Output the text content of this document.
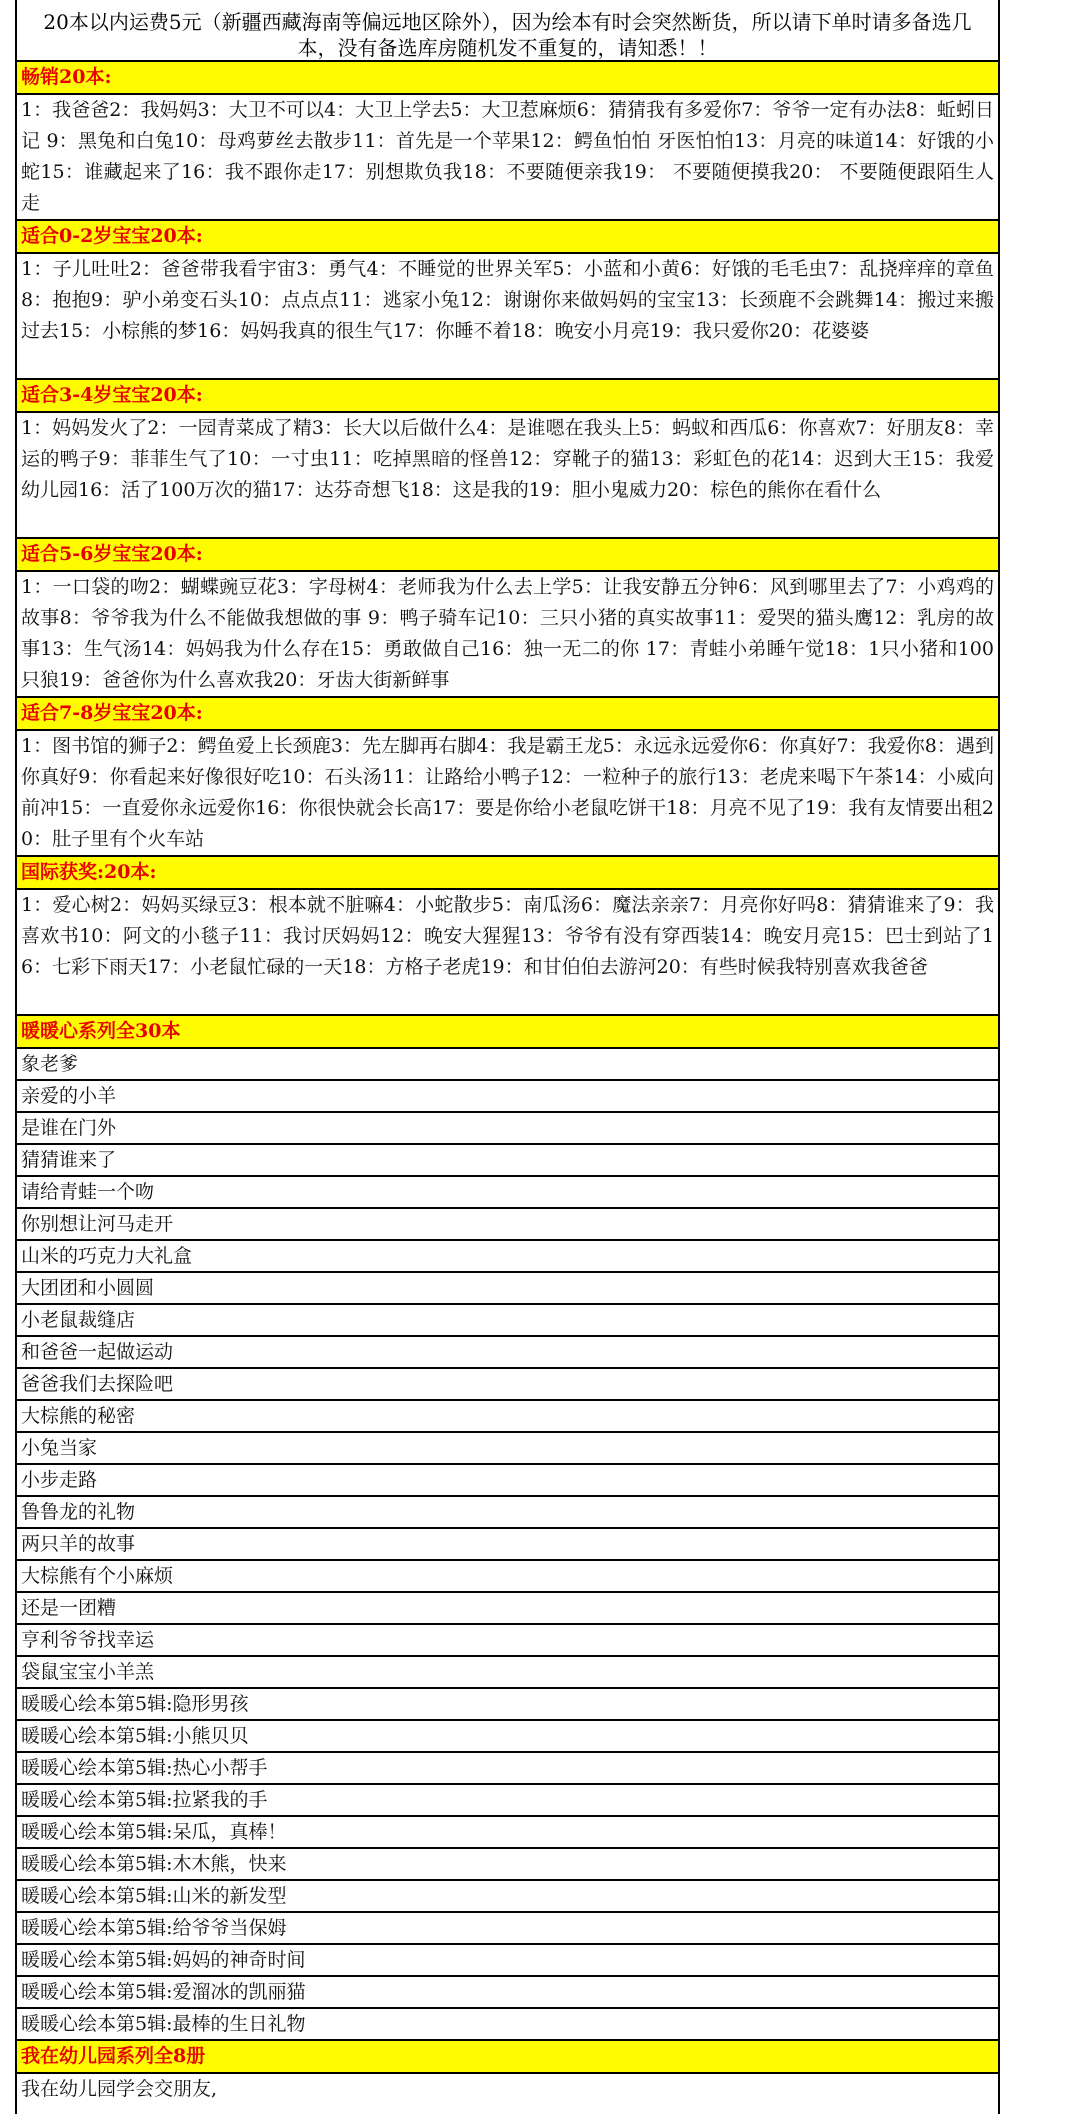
20本以内运费5元（新疆西藏海南等偏远地区除外），因为绘本有时会突然断货，所以请下单时请多备选几
本，没有备选库房随机发不重复的，请知悉！！
畅销20本:
1：我爸爸2：我妈妈3：大卫不可以4：大卫上学去5：大卫惹麻烦6：猜猜我有多爱你7：爷爷一定有办法8：蚯蚓日记 9：黑兔和白兔10：母鸡萝丝去散步11：首先是一个苹果12：鳄鱼怕怕 牙医怕怕13：月亮的味道14：好饿的小蛇15：谁藏起来了16：我不跟你走17：别想欺负我18：不要随便亲我19： 不要随便摸我20： 不要随便跟陌生人走
适合0-2岁宝宝20本:
1：子儿吐吐2：爸爸带我看宇宙3：勇气4：不睡觉的世界关军5：小蓝和小黄6：好饿的毛毛虫7：乱挠痒痒的章鱼8：抱抱9：驴小弟变石头10：点点点11：逃家小兔12：谢谢你来做妈妈的宝宝13：长颈鹿不会跳舞14：搬过来搬过去15：小棕熊的梦16：妈妈我真的很生气17：你睡不着18：晚安小月亮19：我只爱你20：花婆婆
适合3-4岁宝宝20本:
1：妈妈发火了2：一园青菜成了精3：长大以后做什么4：是谁嗯在我头上5：蚂蚁和西瓜6：你喜欢7：好朋友8：幸运的鸭子9：菲菲生气了10：一寸虫11：吃掉黑暗的怪兽12：穿靴子的猫13：彩虹色的花14：迟到大王15：我爱幼儿园16：活了100万次的猫17：达芬奇想飞18：这是我的19：胆小鬼威力20：棕色的熊你在看什么
适合5-6岁宝宝20本:
1：一口袋的吻2：蝴蝶豌豆花3：字母树4：老师我为什么去上学5：让我安静五分钟6：风到哪里去了7：小鸡鸡的故事8：爷爷我为什么不能做我想做的事 9：鸭子骑车记10：三只小猪的真实故事11：爱哭的猫头鹰12：乳房的故事13：生气汤14：妈妈我为什么存在15：勇敢做自己16：独一无二的你 17：青蛙小弟睡午觉18：1只小猪和100只狼19：爸爸你为什么喜欢我20：牙齿大街新鲜事
适合7-8岁宝宝20本:
1：图书馆的狮子2：鳄鱼爱上长颈鹿3：先左脚再右脚4：我是霸王龙5：永远永远爱你6：你真好7：我爱你8：遇到你真好9：你看起来好像很好吃10：石头汤11：让路给小鸭子12：一粒种子的旅行13：老虎来喝下午茶14：小威向前冲15：一直爱你永远爱你16：你很快就会长高17：要是你给小老鼠吃饼干18：月亮不见了19：我有友情要出租20：肚子里有个火车站
国际获奖:20本:
1：爱心树2：妈妈买绿豆3：根本就不脏嘛4：小蛇散步5：南瓜汤6：魔法亲亲7：月亮你好吗8：猜猜谁来了9：我喜欢书10：阿文的小毯子11：我讨厌妈妈12：晚安大猩猩13：爷爷有没有穿西装14：晚安月亮15：巴士到站了16：七彩下雨天17：小老鼠忙碌的一天18：方格子老虎19：和甘伯伯去游河20：有些时候我特别喜欢我爸爸
暖暖心系列全30本
象老爹
亲爱的小羊
是谁在门外
猜猜谁来了
请给青蛙一个吻
你别想让河马走开
山米的巧克力大礼盒
大团团和小圆圆
小老鼠裁缝店
和爸爸一起做运动
爸爸我们去探险吧
大棕熊的秘密
小兔当家
小步走路
鲁鲁龙的礼物
两只羊的故事
大棕熊有个小麻烦
还是一团糟
亨利爷爷找幸运
袋鼠宝宝小羊羔
暖暖心绘本第5辑:隐形男孩
暖暖心绘本第5辑:小熊贝贝
暖暖心绘本第5辑:热心小帮手
暖暖心绘本第5辑:拉紧我的手
暖暖心绘本第5辑:呆瓜，真棒！
暖暖心绘本第5辑:木木熊，快来
暖暖心绘本第5辑:山米的新发型
暖暖心绘本第5辑:给爷爷当保姆
暖暖心绘本第5辑:妈妈的神奇时间
暖暖心绘本第5辑:爱溜冰的凯丽猫
暖暖心绘本第5辑:最棒的生日礼物
我在幼儿园系列全8册
我在幼儿园学会交朋友,
